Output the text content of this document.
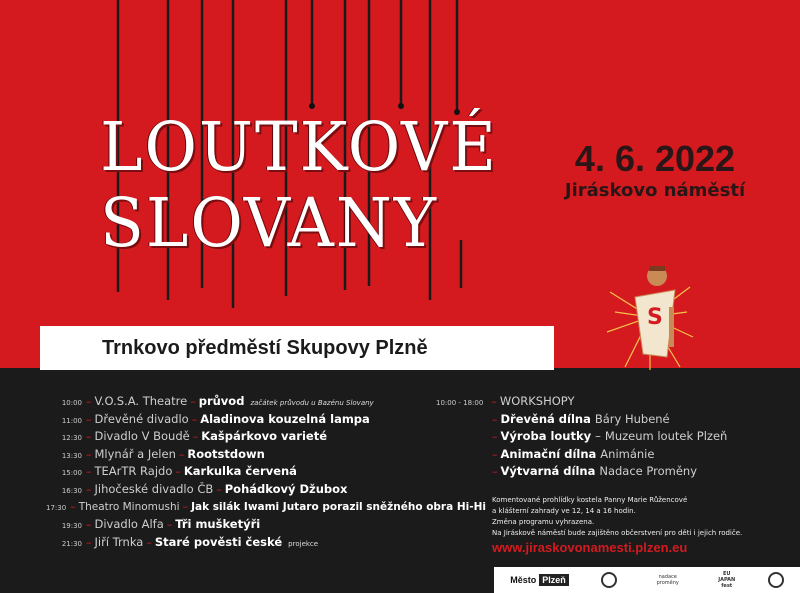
LOUTKOVÉ
SLOVANY
4. 6. 2022
Jiráskovo náměstí
S
Trnkovo předměstí Skupovy Plzně
10:00 – V.O.S.A. Theatre – průvod začátek průvodu u Bazénu Slovany
11:00 – Dřevěné divadlo – Aladinova kouzelná lampa
12:30 – Divadlo V Boudě – Kašpárkovo varieté
13:30 – Mlynář a Jelen – Rootstdown
15:00 – TEArTR Rajdo – Karkulka červená
16:30 – Jihočeské divadlo ČB – Pohádkový Džubox
17:30 – Theatro Minomushi – Jak silák Iwami Jutaro porazil sněžného obra Hi-Hi
19:30 – Divadlo Alfa – Tři mušketýři
21:30 – Jiří Trnka – Staré pověsti české projekce
10:00 - 18:00 – WORKSHOPY
– Dřevěná dílna Báry Hubené
– Výroba loutky – Muzeum loutek Plzeň
– Animační dílna Animánie
– Výtvarná dílna Nadace Proměny
Komentované prohlídky kostela Panny Marie Růžencové
a klášterní zahrady ve 12, 14 a 16 hodin.
Změna programu vyhrazena.
Na Jiráskově náměstí bude zajištěno občerstvení pro děti i jejich rodiče.
www.jiraskovonamesti.plzen.eu
Město Plzeň	nadace proměny
EU
JAPAN
fest
